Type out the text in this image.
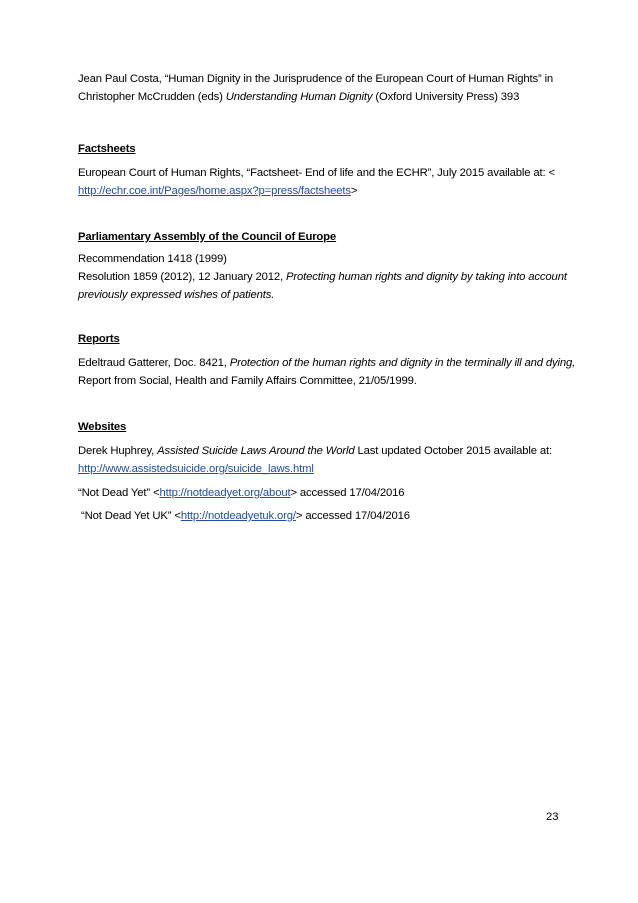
Jean Paul Costa, “Human Dignity in the Jurisprudence of the European Court of Human Rights” in Christopher McCrudden (eds) Understanding Human Dignity (Oxford University Press) 393
Factsheets
European Court of Human Rights, “Factsheet- End of life and the ECHR”, July 2015 available at: <
http://echr.coe.int/Pages/home.aspx?p=press/factsheets>
Parliamentary Assembly of the Council of Europe
Recommendation 1418 (1999)
Resolution 1859 (2012), 12 January 2012, Protecting human rights and dignity by taking into account previously expressed wishes of patients.
Reports
Edeltraud Gatterer, Doc. 8421, Protection of the human rights and dignity in the terminally ill and dying, Report from Social, Health and Family Affairs Committee, 21/05/1999.
Websites
Derek Huphrey, Assisted Suicide Laws Around the World Last updated October 2015 available at:
http://www.assistedsuicide.org/suicide_laws.html
“Not Dead Yet” <http://notdeadyet.org/about> accessed 17/04/2016
“Not Dead Yet UK” <http://notdeadyetuk.org/> accessed 17/04/2016
23
